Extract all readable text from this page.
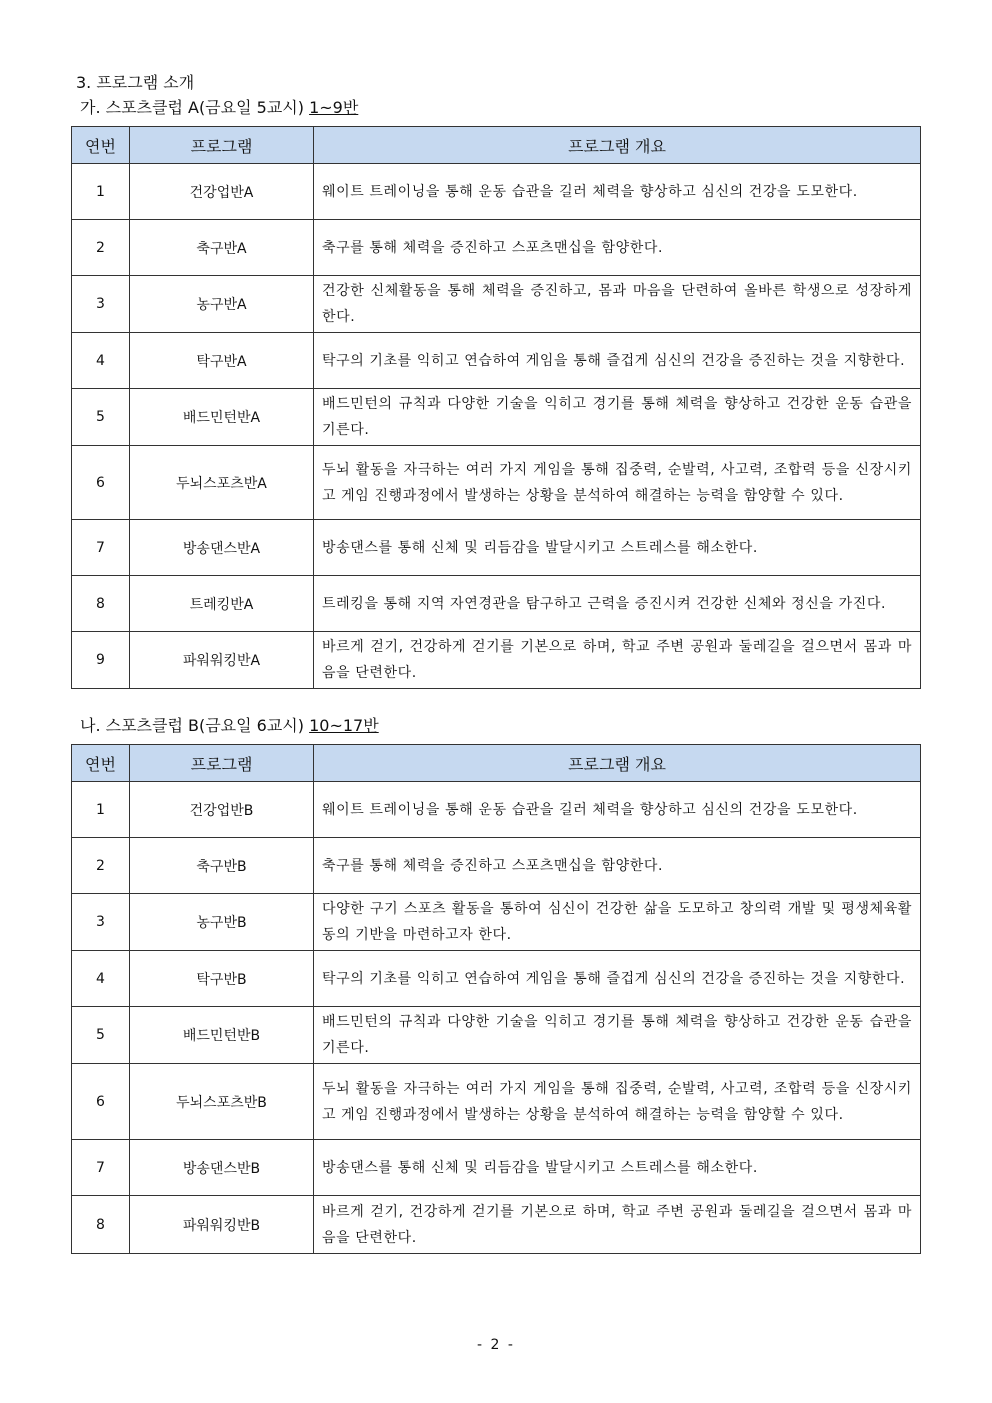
3. 프로그램 소개
가. 스포츠클럽 A(금요일 5교시) 1~9반
연번	프로그램	프로그램 개요
1	건강업반A	웨이트 트레이닝을 통해 운동 습관을 길러 체력을 향상하고 심신의 건강을 도모한다.
2	축구반A	축구를 통해 체력을 증진하고 스포츠맨십을 함양한다.
3	농구반A	건강한 신체활동을 통해 체력을 증진하고, 몸과 마음을 단련하여 올바른 학생으로 성장하게 한다.
4	탁구반A	탁구의 기초를 익히고 연습하여 게임을 통해 즐겁게 심신의 건강을 증진하는 것을 지향한다.
5	배드민턴반A	배드민턴의 규칙과 다양한 기술을 익히고 경기를 통해 체력을 향상하고 건강한 운동 습관을 기른다.
6	두뇌스포츠반A	두뇌 활동을 자극하는 여러 가지 게임을 통해 집중력, 순발력, 사고력, 조합력 등을 신장시키고 게임 진행과정에서 발생하는 상황을 분석하여 해결하는 능력을 함양할 수 있다.
7	방송댄스반A	방송댄스를 통해 신체 및 리듬감을 발달시키고 스트레스를 해소한다.
8	트레킹반A	트레킹을 통해 지역 자연경관을 탐구하고 근력을 증진시켜 건강한 신체와 정신을 가진다.
9	파워워킹반A	바르게 걷기, 건강하게 걷기를 기본으로 하며, 학교 주변 공원과 둘레길을 걸으면서 몸과 마음을 단련한다.
나. 스포츠클럽 B(금요일 6교시) 10~17반
연번	프로그램	프로그램 개요
1	건강업반B	웨이트 트레이닝을 통해 운동 습관을 길러 체력을 향상하고 심신의 건강을 도모한다.
2	축구반B	축구를 통해 체력을 증진하고 스포츠맨십을 함양한다.
3	농구반B	다양한 구기 스포츠 활동을 통하여 심신이 건강한 삶을 도모하고 창의력 개발 및 평생체육활동의 기반을 마련하고자 한다.
4	탁구반B	탁구의 기초를 익히고 연습하여 게임을 통해 즐겁게 심신의 건강을 증진하는 것을 지향한다.
5	배드민턴반B	배드민턴의 규칙과 다양한 기술을 익히고 경기를 통해 체력을 향상하고 건강한 운동 습관을 기른다.
6	두뇌스포츠반B	두뇌 활동을 자극하는 여러 가지 게임을 통해 집중력, 순발력, 사고력, 조합력 등을 신장시키고 게임 진행과정에서 발생하는 상황을 분석하여 해결하는 능력을 함양할 수 있다.
7	방송댄스반B	방송댄스를 통해 신체 및 리듬감을 발달시키고 스트레스를 해소한다.
8	파워워킹반B	바르게 걷기, 건강하게 걷기를 기본으로 하며, 학교 주변 공원과 둘레길을 걸으면서 몸과 마음을 단련한다.
- 2 -
